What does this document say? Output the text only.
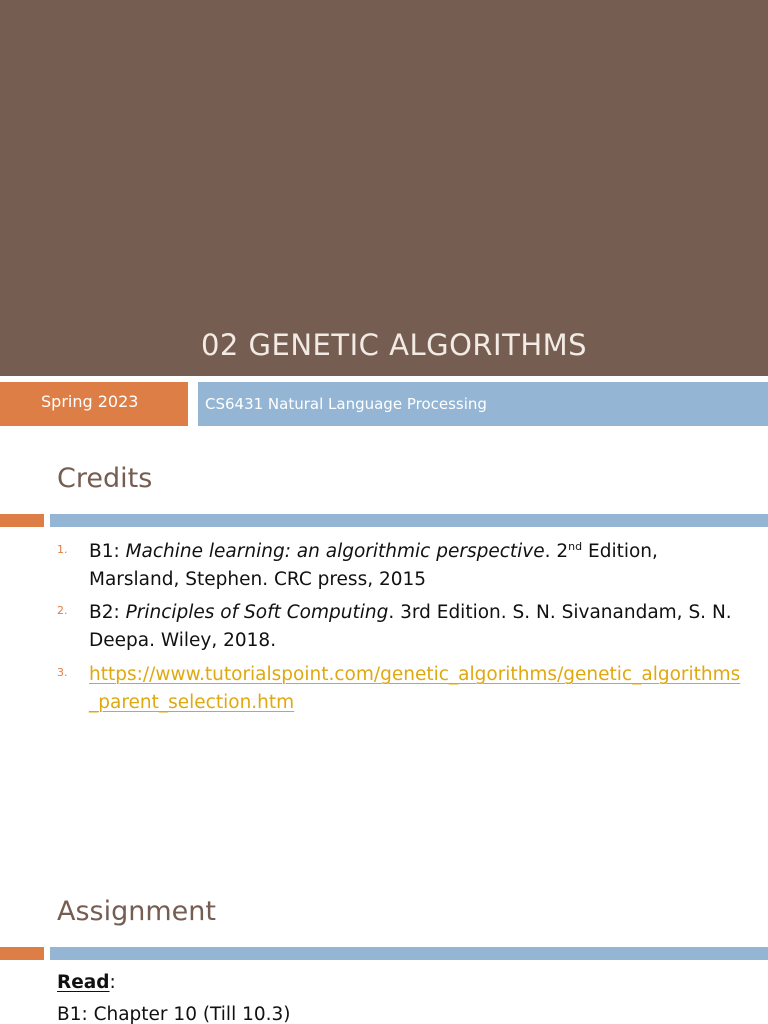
02 GENETIC ALGORITHMS
Spring 2023	CS6431 Natural Language Processing
Credits
1. B1: Machine learning: an algorithmic perspective. 2nd Edition, Marsland, Stephen. CRC press, 2015
2. B2: Principles of Soft Computing. 3rd Edition. S. N. Sivanandam, S. N. Deepa. Wiley, 2018.
3. https://www.tutorialspoint.com/genetic_algorithms/genetic_algorithms_parent_selection.htm
Assignment
Read:
B1: Chapter 10 (Till 10.3)
